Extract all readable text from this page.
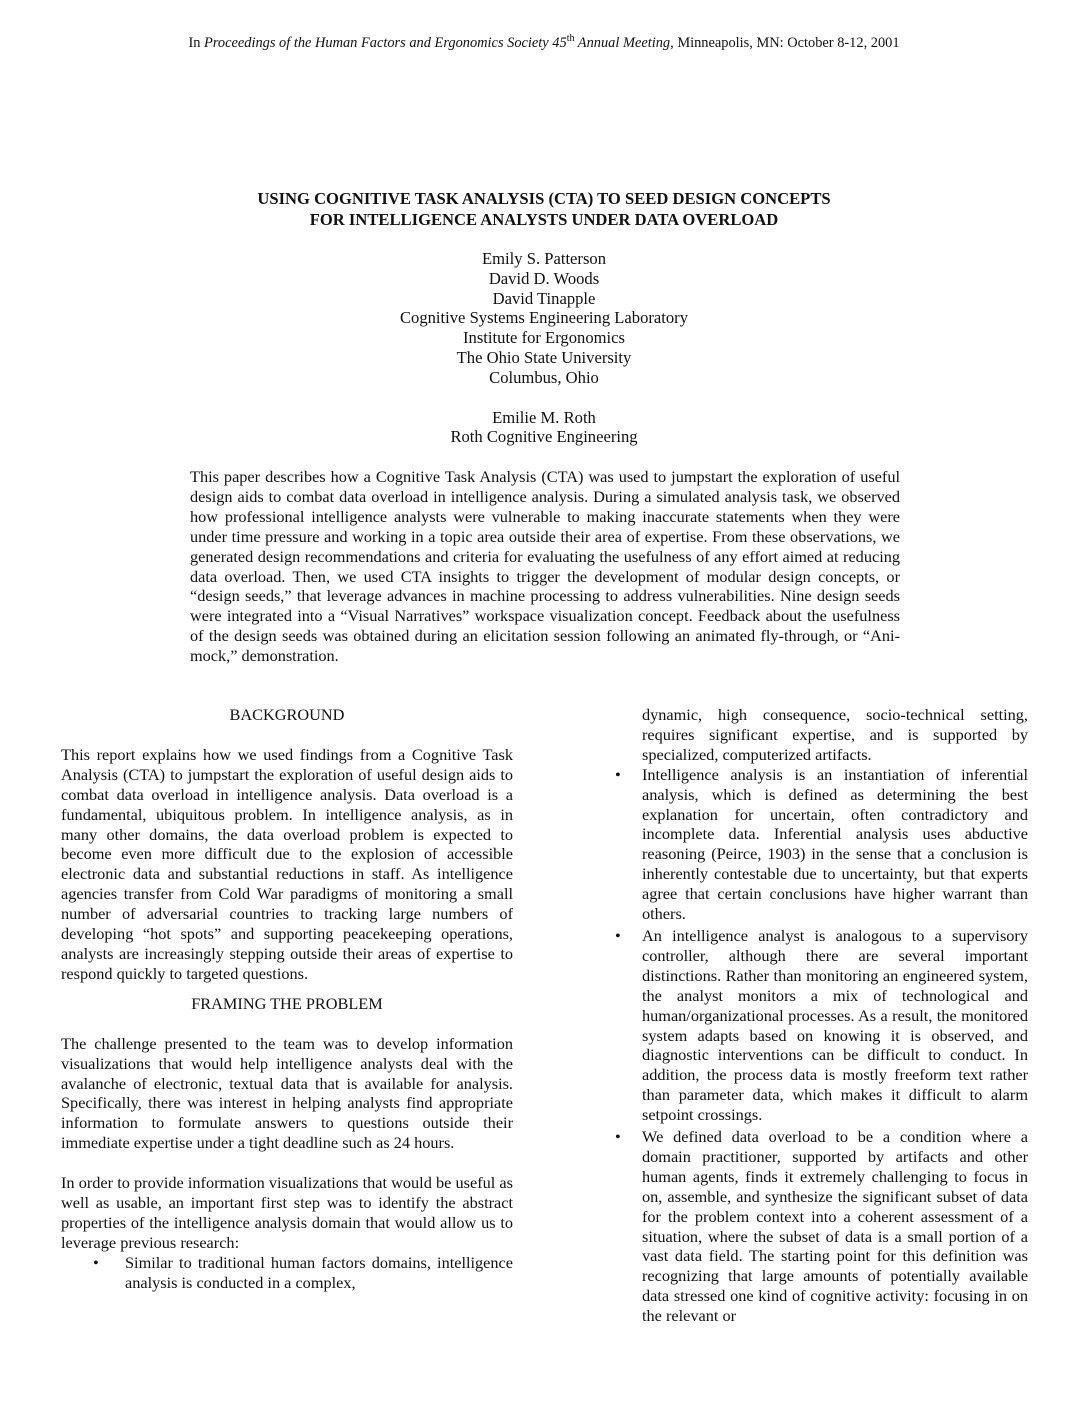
In Proceedings of the Human Factors and Ergonomics Society 45th Annual Meeting, Minneapolis, MN: October 8-12, 2001
USING COGNITIVE TASK ANALYSIS (CTA) TO SEED DESIGN CONCEPTS
FOR INTELLIGENCE ANALYSTS UNDER DATA OVERLOAD
Emily S. Patterson
David D. Woods
David Tinapple
Cognitive Systems Engineering Laboratory
Institute for Ergonomics
The Ohio State University
Columbus, Ohio
Emilie M. Roth
Roth Cognitive Engineering
This paper describes how a Cognitive Task Analysis (CTA) was used to jumpstart the exploration of useful design aids to combat data overload in intelligence analysis. During a simulated analysis task, we observed how professional intelligence analysts were vulnerable to making inaccurate statements when they were under time pressure and working in a topic area outside their area of expertise. From these observations, we generated design recommendations and criteria for evaluating the usefulness of any effort aimed at reducing data overload. Then, we used CTA insights to trigger the development of modular design concepts, or “design seeds,” that leverage advances in machine processing to address vulnerabilities. Nine design seeds were integrated into a “Visual Narratives” workspace visualization concept. Feedback about the usefulness of the design seeds was obtained during an elicitation session following an animated fly-through, or “Ani-mock,” demonstration.
BACKGROUND

This report explains how we used findings from a Cognitive Task Analysis (CTA) to jumpstart the exploration of useful design aids to combat data overload in intelligence analysis. Data overload is a fundamental, ubiquitous problem. In intelligence analysis, as in many other domains, the data overload problem is expected to become even more difficult due to the explosion of accessible electronic data and substantial reductions in staff. As intelligence agencies transfer from Cold War paradigms of monitoring a small number of adversarial countries to tracking large numbers of developing “hot spots” and supporting peacekeeping operations, analysts are increasingly stepping outside their areas of expertise to respond quickly to targeted questions.

FRAMING THE PROBLEM

The challenge presented to the team was to develop information visualizations that would help intelligence analysts deal with the avalanche of electronic, textual data that is available for analysis. Specifically, there was interest in helping analysts find appropriate information to formulate answers to questions outside their immediate expertise under a tight deadline such as 24 hours.

In order to provide information visualizations that would be useful as well as usable, an important first step was to identify the abstract properties of the intelligence analysis domain that would allow us to leverage previous research:

• Similar to traditional human factors domains, intelligence analysis is conducted in a complex,
dynamic, high consequence, socio-technical setting, requires significant expertise, and is supported by specialized, computerized artifacts.
• Intelligence analysis is an instantiation of inferential analysis, which is defined as determining the best explanation for uncertain, often contradictory and incomplete data. Inferential analysis uses abductive reasoning (Peirce, 1903) in the sense that a conclusion is inherently contestable due to uncertainty, but that experts agree that certain conclusions have higher warrant than others.
• An intelligence analyst is analogous to a supervisory controller, although there are several important distinctions. Rather than monitoring an engineered system, the analyst monitors a mix of technological and human/organizational processes. As a result, the monitored system adapts based on knowing it is observed, and diagnostic interventions can be difficult to conduct. In addition, the process data is mostly freeform text rather than parameter data, which makes it difficult to alarm setpoint crossings.
• We defined data overload to be a condition where a domain practitioner, supported by artifacts and other human agents, finds it extremely challenging to focus in on, assemble, and synthesize the significant subset of data for the problem context into a coherent assessment of a situation, where the subset of data is a small portion of a vast data field. The starting point for this definition was recognizing that large amounts of potentially available data stressed one kind of cognitive activity: focusing in on the relevant or
